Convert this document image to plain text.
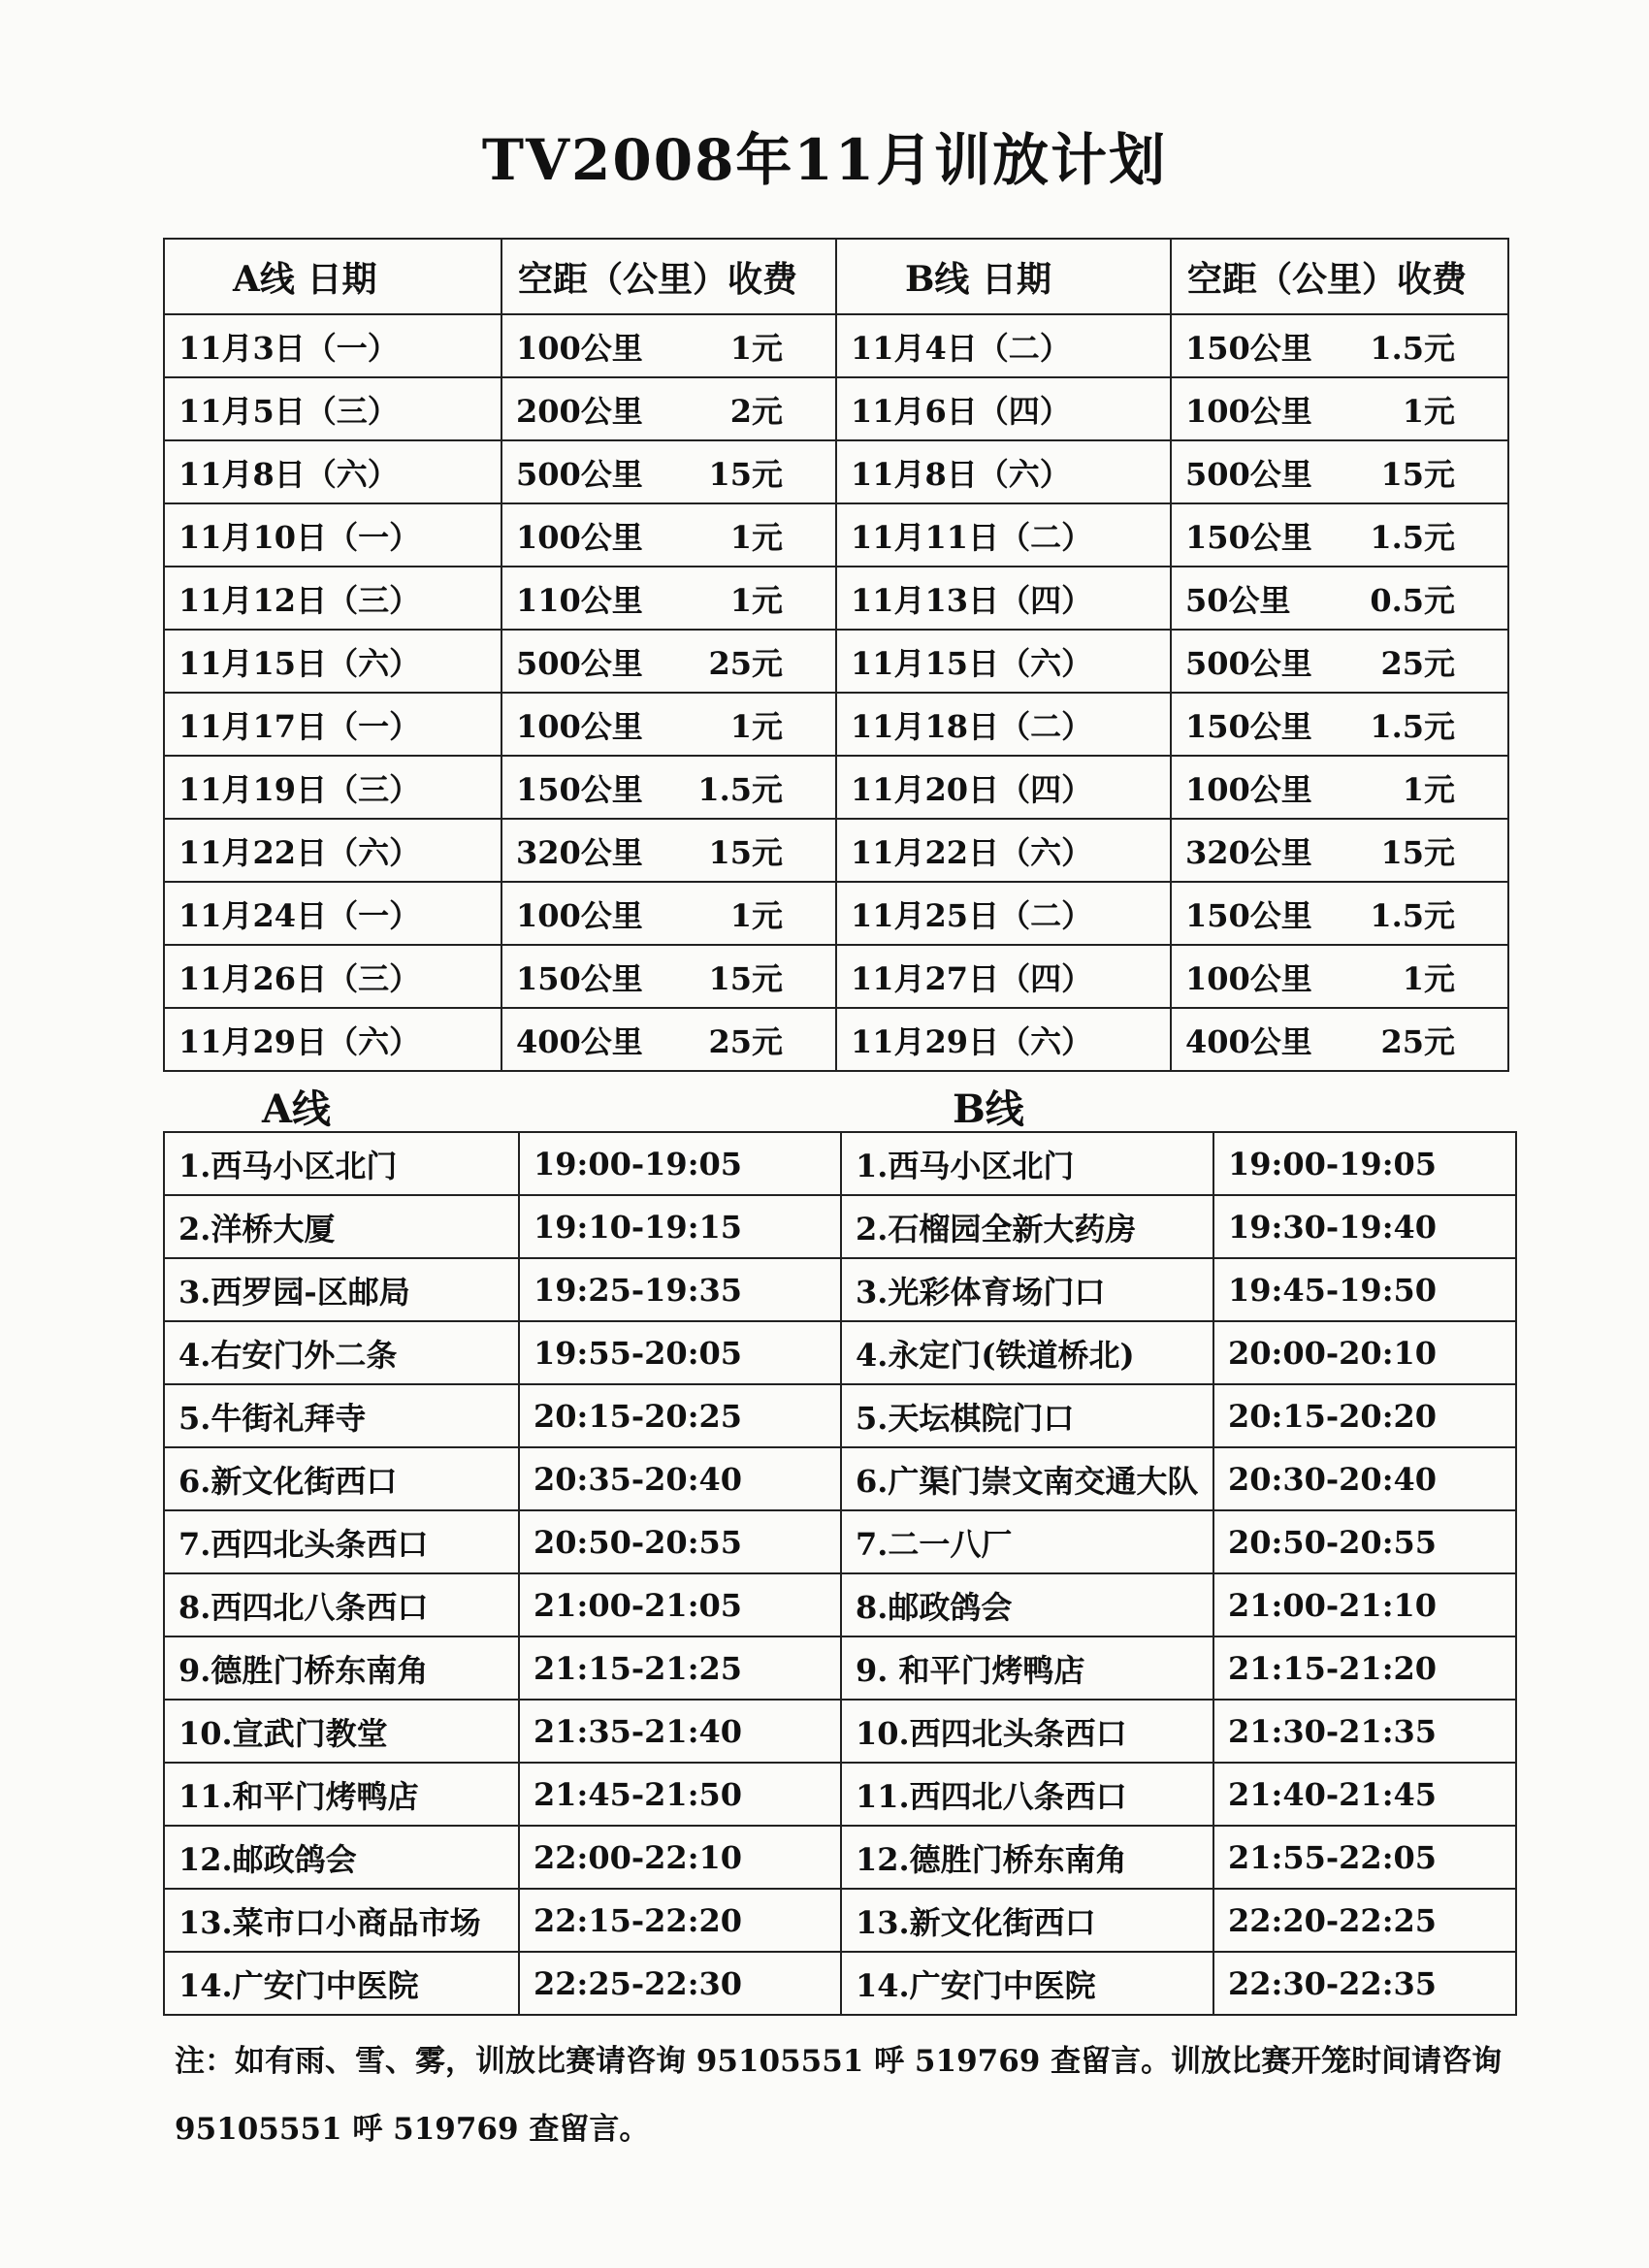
TV2008年11月训放计划
A线 日期	空距（公里）收费	B线 日期	空距（公里）收费
11月3日（一）	100公里 1元	11月4日（二）	150公里 1.5元

11月5日（三）	200公里 2元	11月6日（四）	100公里 1元

11月8日（六）	500公里 15元	11月8日（六）	500公里 15元

11月10日（一）	100公里 1元	11月11日（二）	150公里 1.5元

11月12日（三）	110公里 1元	11月13日（四）	50公里 0.5元

11月15日（六）	500公里 25元	11月15日（六）	500公里 25元

11月17日（一）	100公里 1元	11月18日（二）	150公里 1.5元

11月19日（三）	150公里 1.5元	11月20日（四）	100公里 1元

11月22日（六）	320公里 15元	11月22日（六）	320公里 15元

11月24日（一）	100公里 1元	11月25日（二）	150公里 1.5元

11月26日（三）	150公里 15元	11月27日（四）	100公里 1元

11月29日（六）	400公里 25元	11月29日（六）	400公里 25元
A线	B线
1.西马小区北门	19:00-19:05	1.西马小区北门	19:00-19:05
2.洋桥大厦	19:10-19:15	2.石榴园全新大药房	19:30-19:40
3.西罗园-区邮局	19:25-19:35	3.光彩体育场门口	19:45-19:50
4.右安门外二条	19:55-20:05	4.永定门(铁道桥北)	20:00-20:10
5.牛街礼拜寺	20:15-20:25	5.天坛棋院门口	20:15-20:20
6.新文化街西口	20:35-20:40	6.广渠门崇文南交通大队	20:30-20:40
7.西四北头条西口	20:50-20:55	7.二一八厂	20:50-20:55
8.西四北八条西口	21:00-21:05	8.邮政鸽会	21:00-21:10
9.德胜门桥东南角	21:15-21:25	9. 和平门烤鸭店	21:15-21:20
10.宣武门教堂	21:35-21:40	10.西四北头条西口	21:30-21:35
11.和平门烤鸭店	21:45-21:50	11.西四北八条西口	21:40-21:45
12.邮政鸽会	22:00-22:10	12.德胜门桥东南角	21:55-22:05
13.菜市口小商品市场	22:15-22:20	13.新文化街西口	22:20-22:25
14.广安门中医院	22:25-22:30	14.广安门中医院	22:30-22:35
注：如有雨、雪、雾，训放比赛请咨询 95105551 呼 519769 查留言。训放比赛开笼时间请咨询
95105551 呼 519769 查留言。
